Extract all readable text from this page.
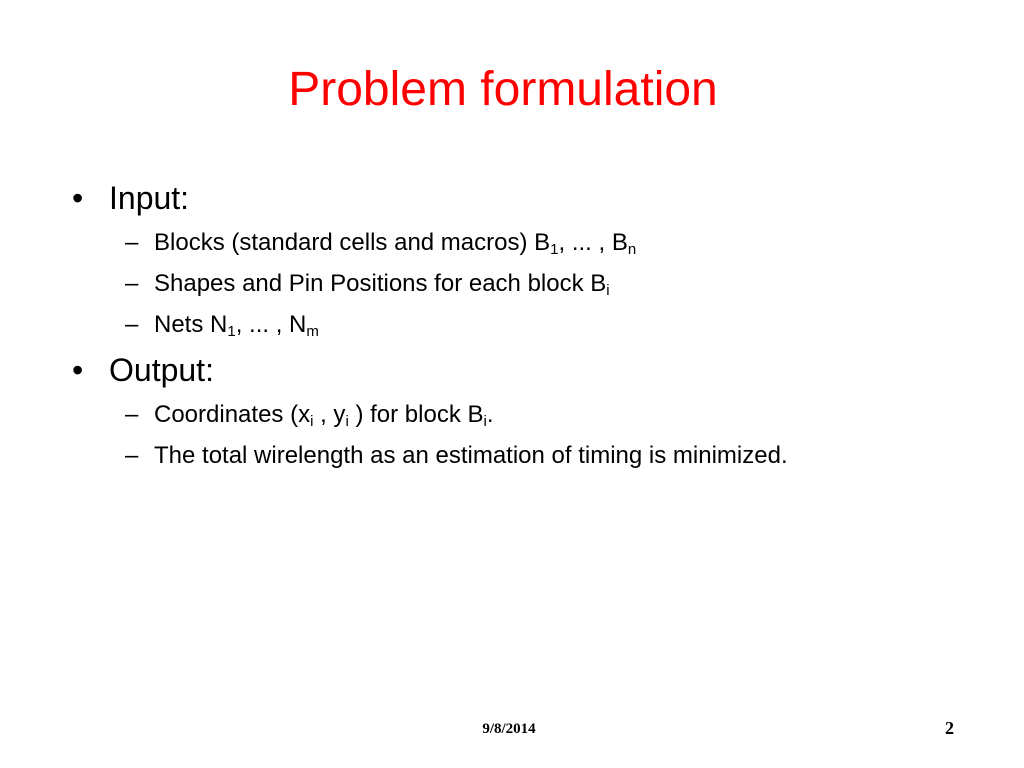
Problem formulation
• Input:
– Blocks (standard cells and macros) $B_1$, ... , $B_n$
– Shapes and Pin Positions for each block $B_i$
– Nets $N_1$, ... , $N_m$
• Output:
– Coordinates ($x_i$ , $y_i$ ) for block $B_i$.
– The total wirelength as an estimation of timing is minimized.
9/8/2014	2
